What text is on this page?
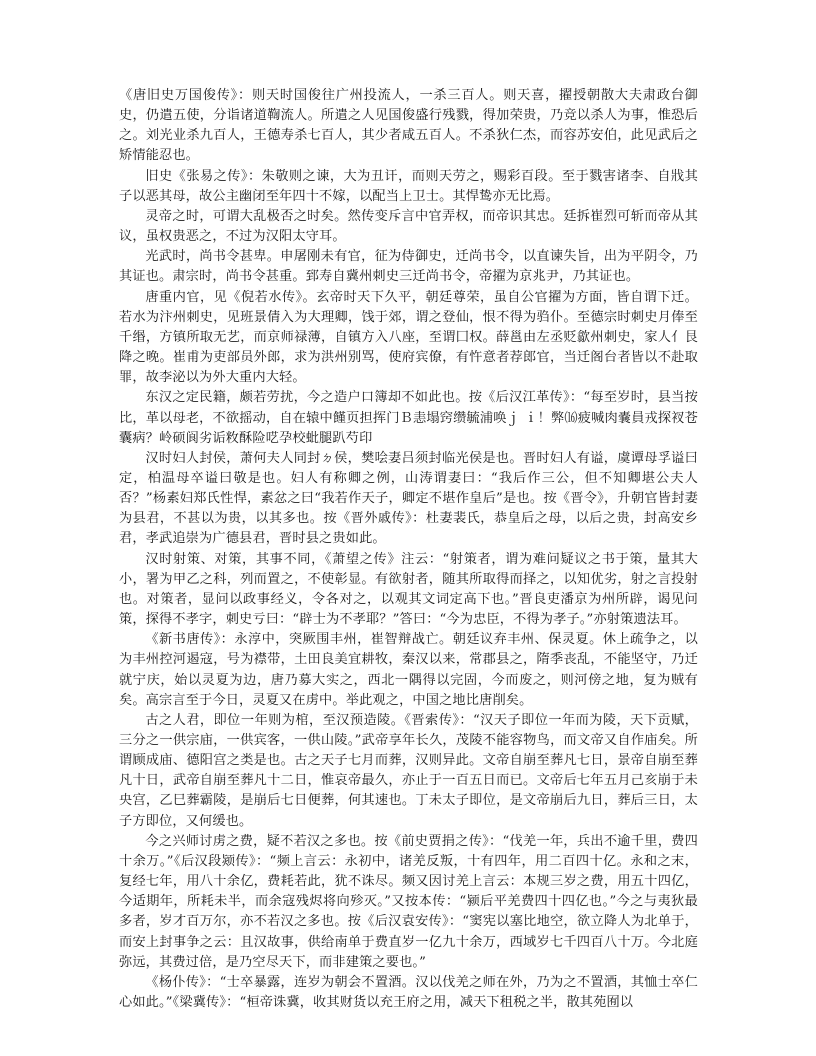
《唐旧史万国俊传》：则天时国俊往广州投流人，一杀三百人。则天喜，擢授朝散大夫肃政台御史，仍遣五使，分诣诸道鞫流人。所遣之人见国俊盛行残戮，得加荣贵，乃竞以杀人为事，惟恐后之。刘光业杀九百人，王德寿杀七百人，其少者咸五百人。不杀狄仁杰，而容苏安伯，此见武后之矫情能忍也。

旧史《张易之传》：朱敬则之谏，大为丑讦，而则天劳之，赐彩百段。至于戮害诸李、自戕其子以恶其母，故公主幽闭至年四十不嫁，以配当上卫士。其悍鸷亦无比焉。

灵帝之时，可谓大乱极否之时矣。然传变斥言中官弄权，而帝识其忠。廷拆崔烈可斩而帝从其议，虽权贵恶之，不过为汉阳太守耳。

光武时，尚书令甚卑。申屠刚未有官，征为侍御史，迁尚书令，以直谏失旨，出为平阴令，乃其证也。肃宗时，尚书令甚重。郅寿自冀州刺史三迁尚书令，帝擢为京兆尹，乃其证也。

唐重内官，见《倪若水传》。玄帝时天下久平，朝廷尊荣，虽自公官擢为方面，皆自谓下迁。若水为汴州刺史，见班景倩入为大理卿，饯于郊，谓之登仙，恨不得为驺仆。至德宗时刺史月俸至千缗，方镇所取无艺，而京师禄薄，自镇方入八座，至谓囗权。薛邕由左丞贬歙州刺史，家人亻艮降之晚。崔甫为吏部员外郎，求为洪州别骂，使府宾僚，有忤意者荐郎官，当迁阁台者皆以不赴取罪，故李泌以为外大重内大轻。

东汉之定民籍，颇若劳扰，今之造户口簿却不如此也。按《后汉江革传》：“每至岁时，县当按比，革以母老，不欲摇动，自在辕中饉页担挥门Ｂ恚塌窍缵毓浦唤ｊ ｉ！弊⒃疲喊肉嚢員戎探衩苍囊病？岭硕阆劣诟敉酥险呓孕校蚍腿趴芍印

汉时妇人封侯，萧何夫人同封ㄉ侯，樊哙妻吕须封临光侯是也。晋时妇人有谥，虞谭母孚谥曰定，柏温母卒谥曰敬是也。妇人有称卿之例，山涛谓妻曰：“我后作三公，但不知卿堪公夫人否？”杨素妇郑氏性悍，素忿之曰“我若作天子，卿定不堪作皇后”是也。按《晋令》，升朝官皆封妻为县君，不甚以为贵，以其多也。按《晋外戚传》：杜妻裴氏，恭皇后之母，以后之贵，封高安乡君，孝武追崇为广德县君，晋时县之贵如此。

汉时射策、对策，其事不同，《萧望之传》注云：“射策者，谓为难问疑议之书于策，量其大小，署为甲乙之科，列而置之，不使彰显。有欲射者，随其所取得而择之，以知优劣，射之言投射也。对策者，显问以政事经义，令各对之，以观其文词定高下也。”晋良吏潘京为州所辟，谒见问策，探得不孝字，刺史亏曰：“辟士为不孝耶？”答曰：“今为忠臣，不得为孝子。”亦射策遗法耳。

《新书唐传》：永淳中，突厥围丰州，崔智辩战亡。朝廷议弃丰州、保灵夏。休上疏争之，以为丰州控河遏寇，号为襟带，土田良美宜耕牧，秦汉以来，常郡县之，隋季丧乱，不能坚守，乃迁就宁庆，始以灵夏为边，唐乃募大实之，西北一隅得以完固，今而废之，则河傍之地，复为贼有矣。高宗言至于今日，灵夏又在虏中。举此观之，中国之地比唐削矣。

古之人君，即位一年则为棺，至汉预造陵。《晋索传》：“汉天子即位一年而为陵，天下贡赋，三分之一供宗庙，一供宾客，一供山陵。”武帝享年长久，茂陵不能容物鸟，而文帝又自作庙矣。所谓顾成庙、德阳宫之类是也。古之天子七月而葬，汉则异此。文帝自崩至葬凡七日，景帝自崩至葬凡十日，武帝自崩至葬凡十二日，惟哀帝最久，亦止于一百五日而已。文帝后七年五月己亥崩于未央宫，乙巳葬霸陵，是崩后七日便葬，何其速也。丁未太子即位，是文帝崩后九日，葬后三日，太子方即位，又何缓也。

今之兴师讨虏之费，疑不若汉之多也。按《前史贾捐之传》：“伐羌一年，兵出不逾千里，费四十余万。”《后汉段颎传》：“频上言云：永初中，诸羌反叛，十有四年，用二百四十亿。永和之末，复经七年，用八十余亿，费耗若此，犹不诛尽。频又因讨羌上言云：本规三岁之费，用五十四亿，今适期年，所耗未半，而余寇残烬将向殄灭。”又按本传：“颍后平羌费四十四亿也。”今之与夷狄最多者，岁才百万尔，亦不若汉之多也。按《后汉袁安传》：“窦宪以塞比地空，欲立降人为北单于，而安上封事争之云：且汉故事，供给南单于费直岁一亿九十余万，西域岁七千四百八十万。今北庭弥远，其费过倍，是乃空尽天下，而非建策之要也。”

《杨仆传》：“士卒暴露，连岁为朝会不置酒。汉以伐羌之师在外，乃为之不置酒，其恤士卒仁心如此。”《梁冀传》：“桓帝诛冀，收其财货以充王府之用，减天下租税之半，散其苑囿以
